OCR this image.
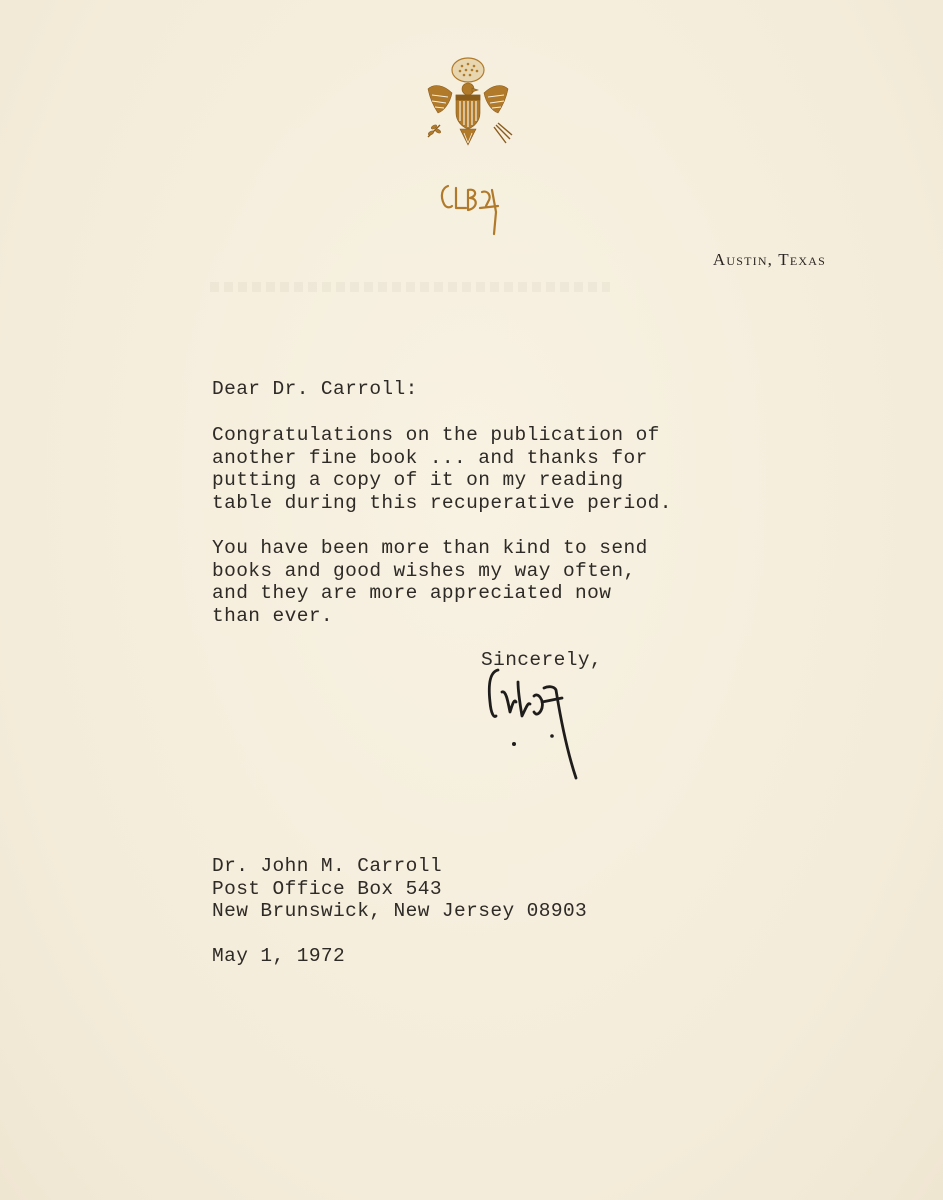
Austin, Texas
Dear Dr. Carroll:
Congratulations on the publication of
another fine book ... and thanks for
putting a copy of it on my reading
table during this recuperative period.
You have been more than kind to send
books and good wishes my way often,
and they are more appreciated now
than ever.
Sincerely,
Dr. John M. Carroll
Post Office Box 543
New Brunswick, New Jersey 08903
May 1, 1972
